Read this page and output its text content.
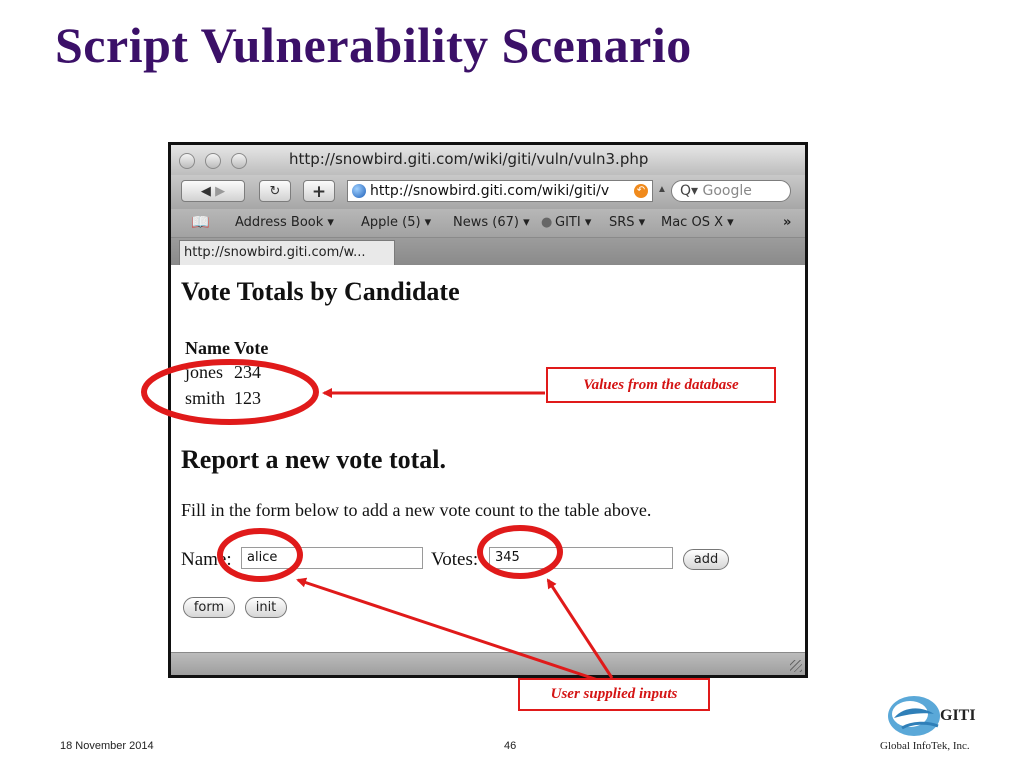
Script Vulnerability Scenario
http://snowbird.giti.com/wiki/giti/vuln/vuln3.php
◀ ▶	↻	+	http://snowbird.giti.com/wiki/giti/v	↶ ▲ Q▾ Google
📖 Address Book ▾ Apple (5) ▾ News (67) ▾ ● GITI ▾ SRS ▾ Mac OS X ▾	»
http://snowbird.giti.com/w...
Vote Totals by Candidate
Name	Vote
jones	234
smith	123
Report a new vote total.

Fill in the form below to add a new vote count to the table above.

Name:	alice	Votes:	345	add
form	init
Values from the database
User supplied inputs
18 November 2014	46
GITI
Global InfoTek, Inc.
